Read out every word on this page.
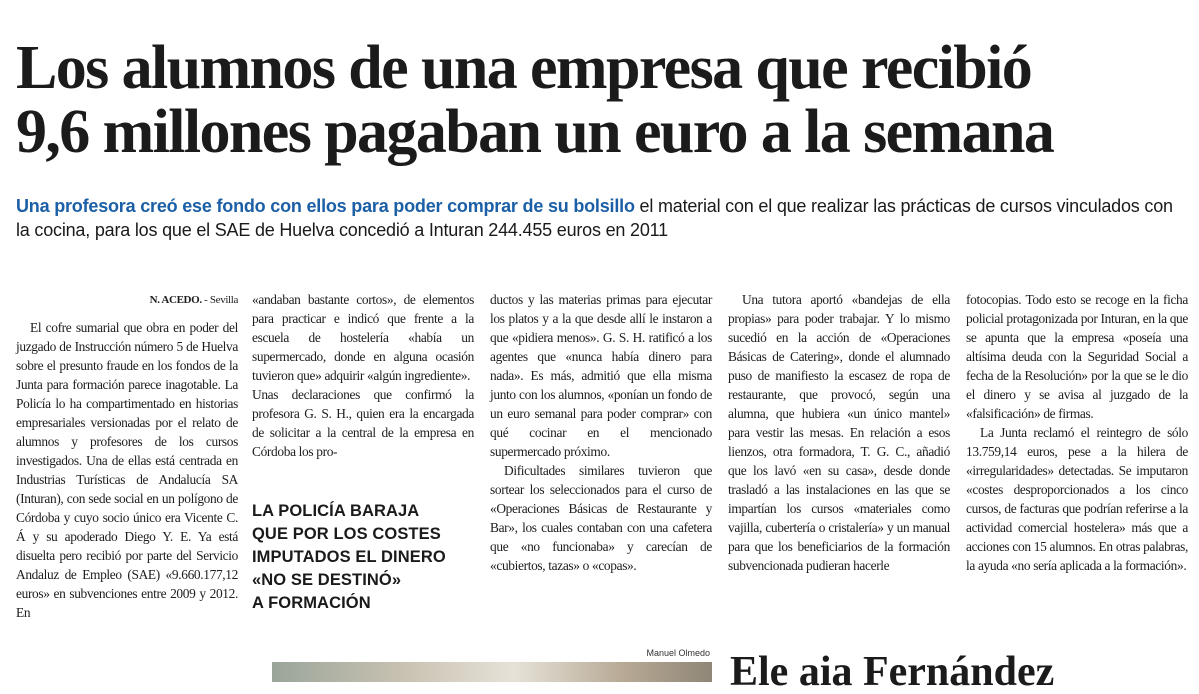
Los alumnos de una empresa que recibió
9,6 millones pagaban un euro a la semana
Una profesora creó ese fondo con ellos para poder comprar de su bolsillo el material con el que realizar las prácticas de cursos vinculados con la cocina, para los que el SAE de Huelva concedió a Inturan 244.455 euros en 2011
N. ACEDO. - Sevilla

El cofre sumarial que obra en poder del juzgado de Instrucción número 5 de Huelva sobre el presunto fraude en los fondos de la Junta para formación parece inagotable. La Policía lo ha compartimentado en historias empresariales versionadas por el relato de alumnos y profesores de los cursos investigados. Una de ellas está centrada en Industrias Turísticas de Andalucía SA (Inturan), con sede social en un polígono de Córdoba y cuyo socio único era Vicente C. Á y su apoderado Diego Y. E. Ya está disuelta pero recibió por parte del Servicio Andaluz de Empleo (SAE) «9.660.177,12 euros» en subvenciones entre 2009 y 2012. En

«andaban bastante cortos», de elementos para practicar e indicó que frente a la escuela de hostelería «había un supermercado, donde en alguna ocasión tuvieron que» adquirir «algún ingrediente».

Unas declaraciones que confirmó la profesora G. S. H., quien era la encargada de solicitar a la central de la empresa en Córdoba los pro-

LA POLICÍA BARAJA
QUE POR LOS COSTES
IMPUTADOS EL DINERO
«NO SE DESTINÓ»
A FORMACIÓN

ductos y las materias primas para ejecutar los platos y a la que desde allí le instaron a que «pidiera menos». G. S. H. ratificó a los agentes que «nunca había dinero para nada». Es más, admitió que ella misma junto con los alumnos, «ponían un fondo de un euro semanal para poder comprar» con qué cocinar en el mencionado supermercado próximo.

Dificultades similares tuvieron que sortear los seleccionados para el curso de «Operaciones Básicas de Restaurante y Bar», los cuales contaban con una cafetera que «no funcionaba» y carecían de «cubiertos, tazas» o «copas».

Una tutora aportó «bandejas de ella propias» para poder trabajar. Y lo mismo sucedió en la acción de «Operaciones Básicas de Catering», donde el alumnado puso de manifiesto la escasez de ropa de restaurante, que provocó, según una alumna, que hubiera «un único mantel» para vestir las mesas. En relación a esos lienzos, otra formadora, T. G. C., añadió que los lavó «en su casa», desde donde trasladó a las instalaciones en las que se impartían los cursos «materiales como vajilla, cubertería o cristalería» y un manual para que los beneficiarios de la formación subvencionada pudieran hacerle

fotocopias. Todo esto se recoge en la ficha policial protagonizada por Inturan, en la que se apunta que la empresa «poseía una altísima deuda con la Seguridad Social a fecha de la Resolución» por la que se le dio el dinero y se avisa al juzgado de la «falsificación» de firmas.

La Junta reclamó el reintegro de sólo 13.759,14 euros, pese a la hilera de «irregularidades» detectadas. Se imputaron «costes desproporcionados a los cinco cursos, de facturas que podrían referirse a la actividad comercial hostelera» más que a acciones con 15 alumnos. En otras palabras, la ayuda «no sería aplicada a la formación».

Manuel Olmedo Ele aia Fernández
